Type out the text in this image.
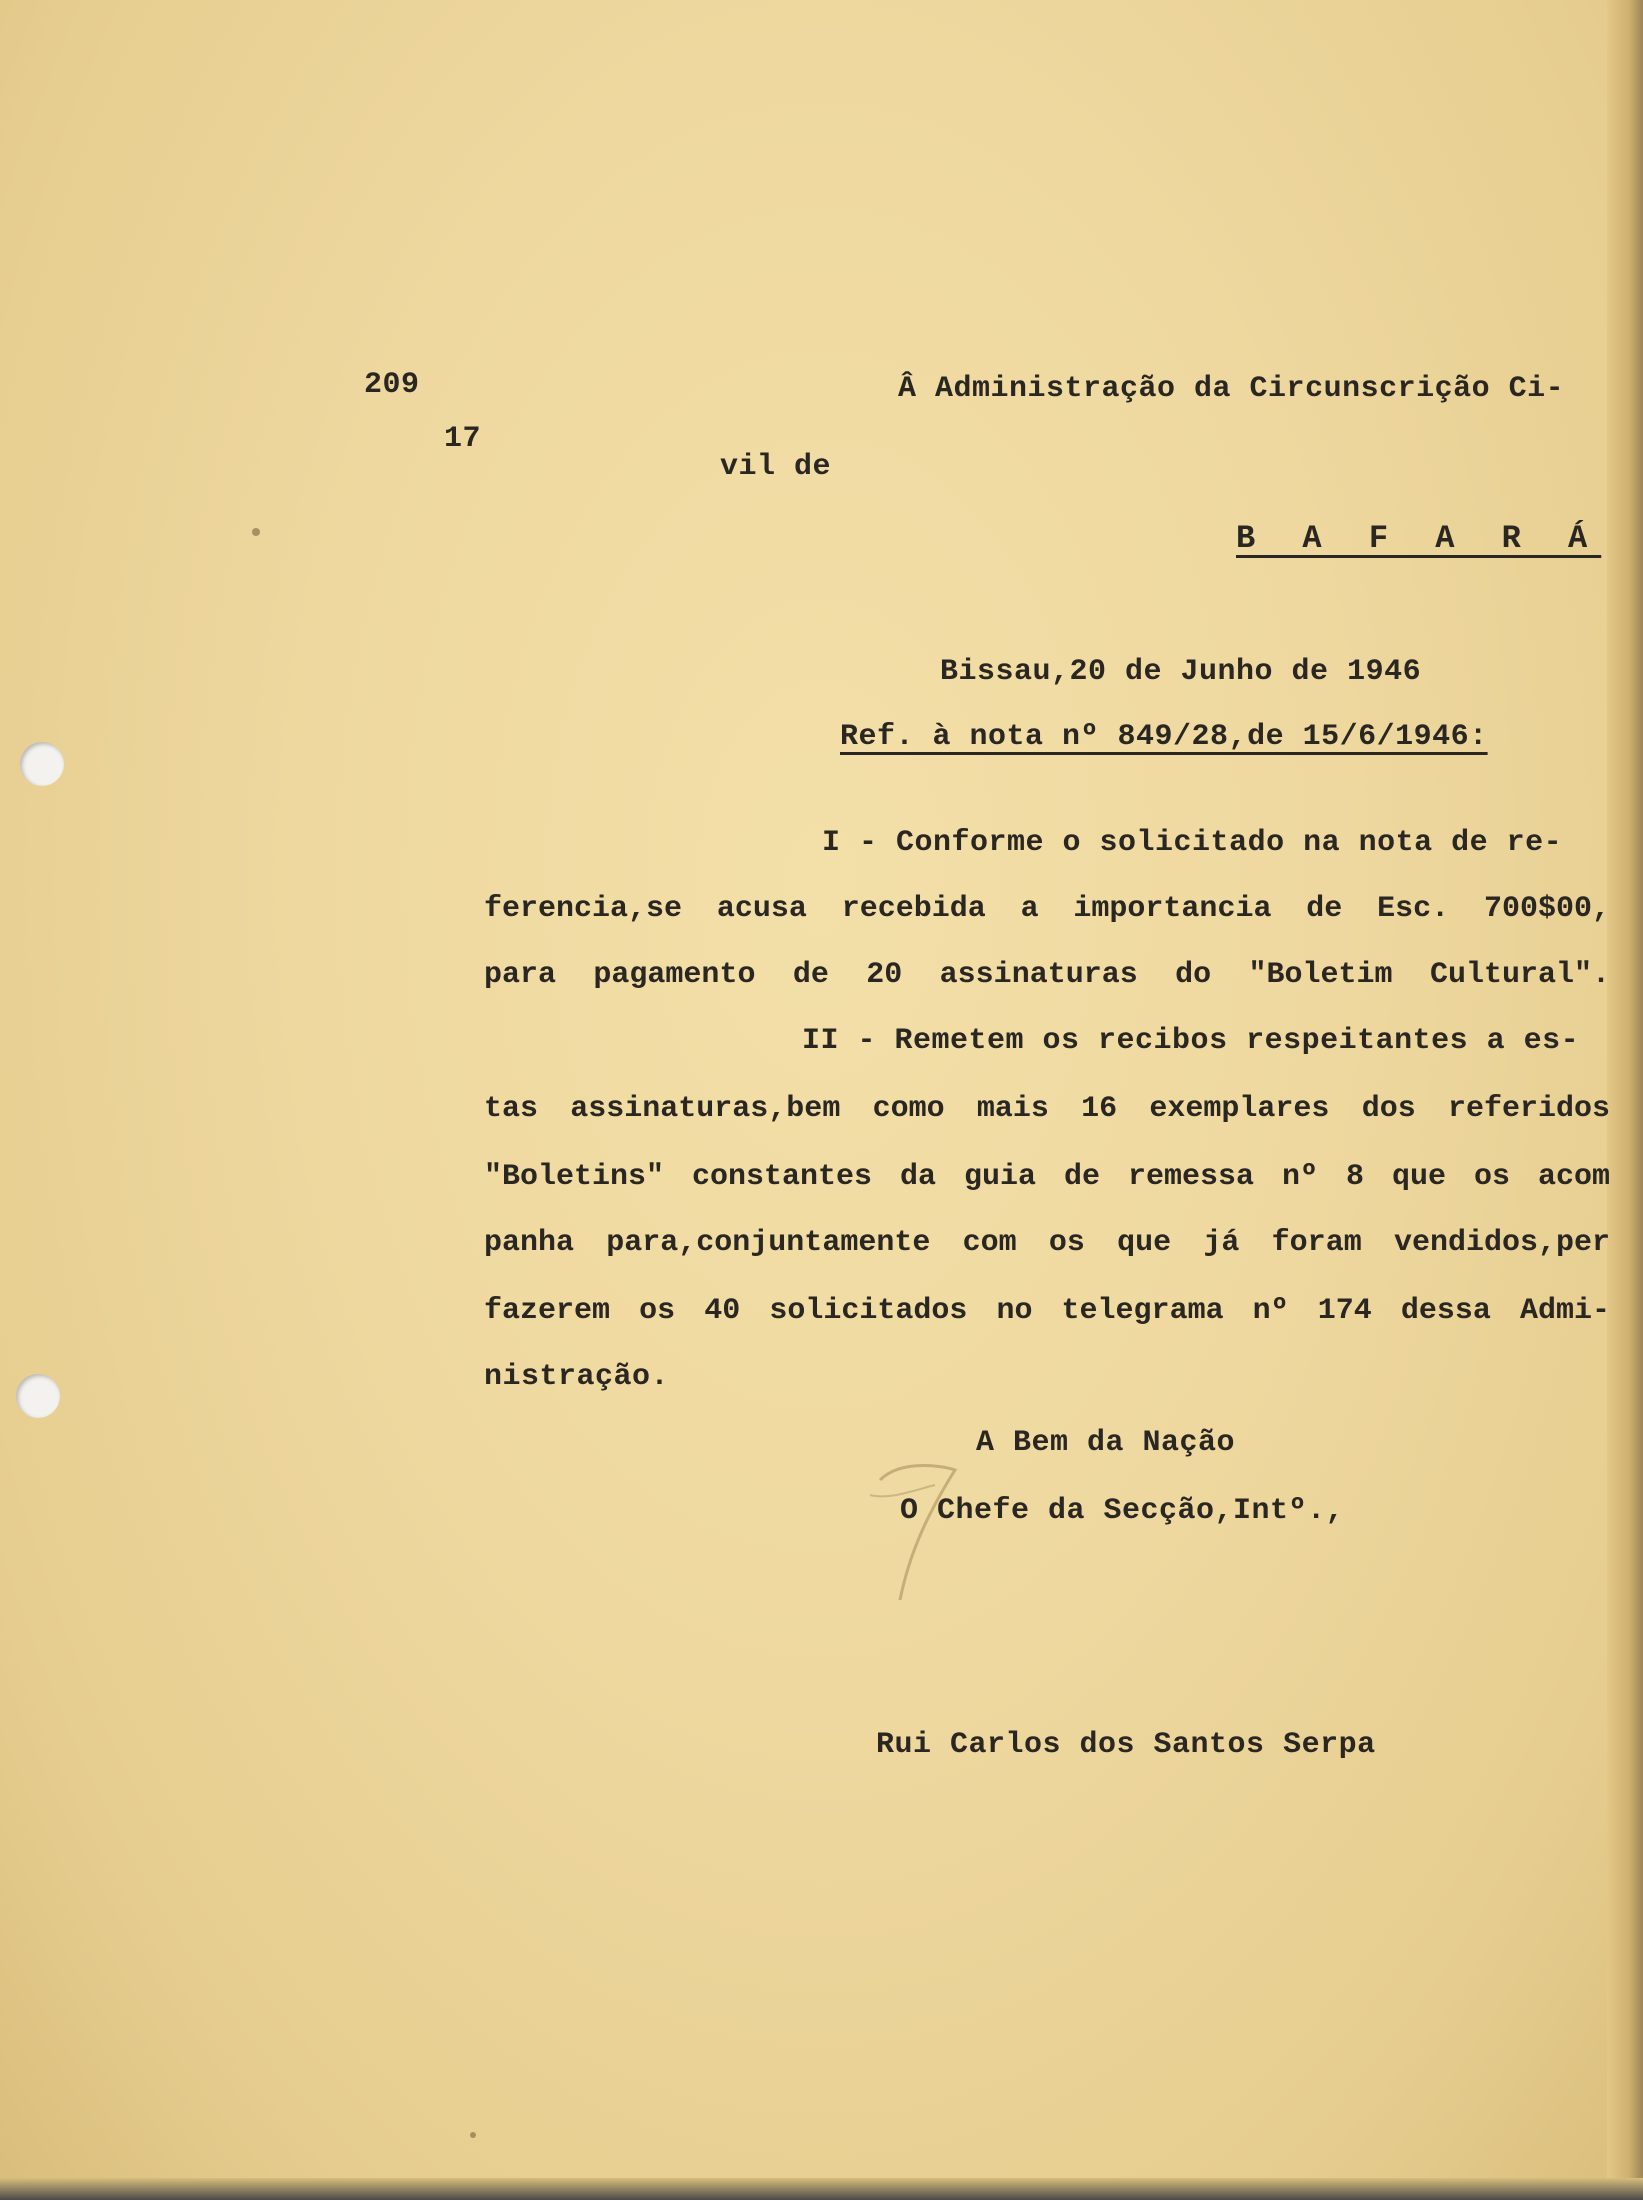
209
17
Â Administração da Circunscrição Ci-
vil de
B A F A R Á
Bissau,20 de Junho de 1946
Ref. à nota nº 849/28,de 15/6/1946:
I - Conforme o solicitado na nota de re-
ferencia,se acusa recebida a importancia de Esc. 700$00,
para pagamento de 20 assinaturas do "Boletim Cultural".
II - Remetem os recibos respeitantes a es-
tas assinaturas,bem como mais 16 exemplares dos referidos
"Boletins" constantes da guia de remessa nº 8 que os acom
panha para,conjuntamente com os que já foram vendidos,per
fazerem os 40 solicitados no telegrama nº 174 dessa Admi-
nistração.
A Bem da Nação
O Chefe da Secção,Intº.,
Rui Carlos dos Santos Serpa
